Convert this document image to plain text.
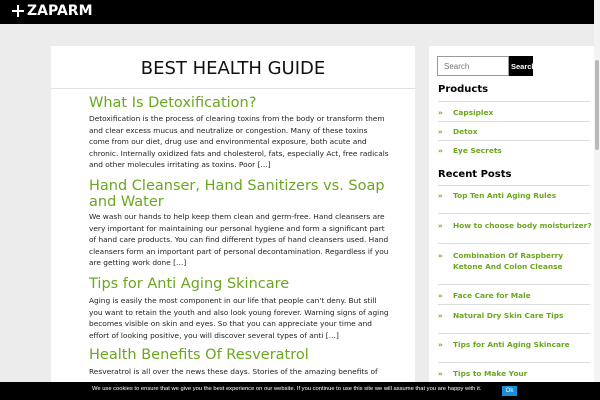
ZAPARM
BEST HEALTH GUIDE
What Is Detoxification?
Detoxification is the process of clearing toxins from the body or transform them and clear excess mucus and neutralize or congestion. Many of these toxins come from our diet, drug use and environmental exposure, both acute and chronic. Internally oxidized fats and cholesterol, fats, especially Act, free radicals and other molecules irritating as toxins. Poor […]
Hand Cleanser, Hand Sanitizers vs. Soap and Water
We wash our hands to help keep them clean and germ-free. Hand cleansers are very important for maintaining our personal hygiene and form a significant part of hand care products. You can find different types of hand cleansers used. Hand cleansers form an important part of personal decontamination. Regardless if you are getting work done […]
Tips for Anti Aging Skincare
Aging is easily the most component in our life that people can't deny. But still you want to retain the youth and also look young forever. Warning signs of aging becomes visible on skin and eyes. So that you can appreciate your time and effort of looking positive, you will discover several types of anti […]
Health Benefits Of Resveratrol
Resveratrol is all over the news these days. Stories of the amazing benefits of
Search
Search
Products
» Capsiplex
» Detox
» Eye Secrets
Recent Posts
» Top Ten Anti Aging Rules
» How to choose body moisturizer?
» Combination Of Raspberry Ketone And Colon Cleanse
» Face Care for Male
» Natural Dry Skin Care Tips
» Tips for Anti Aging Skincare
» Tips to Make Your
We use cookies to ensure that we give you the best experience on our website. If you continue to use this site we will assume that you are happy with it.	Ok
